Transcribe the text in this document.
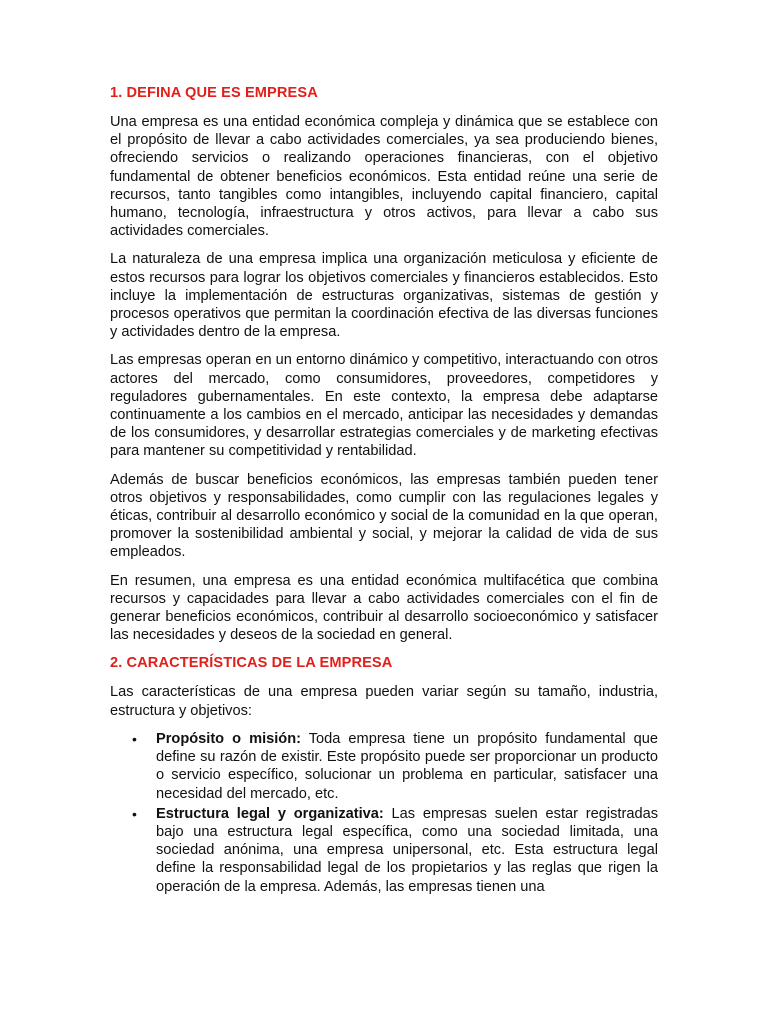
1. DEFINA QUE ES EMPRESA

Una empresa es una entidad económica compleja y dinámica que se establece con el propósito de llevar a cabo actividades comerciales, ya sea produciendo bienes, ofreciendo servicios o realizando operaciones financieras, con el objetivo fundamental de obtener beneficios económicos. Esta entidad reúne una serie de recursos, tanto tangibles como intangibles, incluyendo capital financiero, capital humano, tecnología, infraestructura y otros activos, para llevar a cabo sus actividades comerciales.

La naturaleza de una empresa implica una organización meticulosa y eficiente de estos recursos para lograr los objetivos comerciales y financieros establecidos. Esto incluye la implementación de estructuras organizativas, sistemas de gestión y procesos operativos que permitan la coordinación efectiva de las diversas funciones y actividades dentro de la empresa.

Las empresas operan en un entorno dinámico y competitivo, interactuando con otros actores del mercado, como consumidores, proveedores, competidores y reguladores gubernamentales. En este contexto, la empresa debe adaptarse continuamente a los cambios en el mercado, anticipar las necesidades y demandas de los consumidores, y desarrollar estrategias comerciales y de marketing efectivas para mantener su competitividad y rentabilidad.

Además de buscar beneficios económicos, las empresas también pueden tener otros objetivos y responsabilidades, como cumplir con las regulaciones legales y éticas, contribuir al desarrollo económico y social de la comunidad en la que operan, promover la sostenibilidad ambiental y social, y mejorar la calidad de vida de sus empleados.

En resumen, una empresa es una entidad económica multifacética que combina recursos y capacidades para llevar a cabo actividades comerciales con el fin de generar beneficios económicos, contribuir al desarrollo socioeconómico y satisfacer las necesidades y deseos de la sociedad en general.

2. CARACTERÍSTICAS DE LA EMPRESA

Las características de una empresa pueden variar según su tamaño, industria, estructura y objetivos:

• Propósito o misión: Toda empresa tiene un propósito fundamental que define su razón de existir. Este propósito puede ser proporcionar un producto o servicio específico, solucionar un problema en particular, satisfacer una necesidad del mercado, etc.
• Estructura legal y organizativa: Las empresas suelen estar registradas bajo una estructura legal específica, como una sociedad limitada, una sociedad anónima, una empresa unipersonal, etc. Esta estructura legal define la responsabilidad legal de los propietarios y las reglas que rigen la operación de la empresa. Además, las empresas tienen una
